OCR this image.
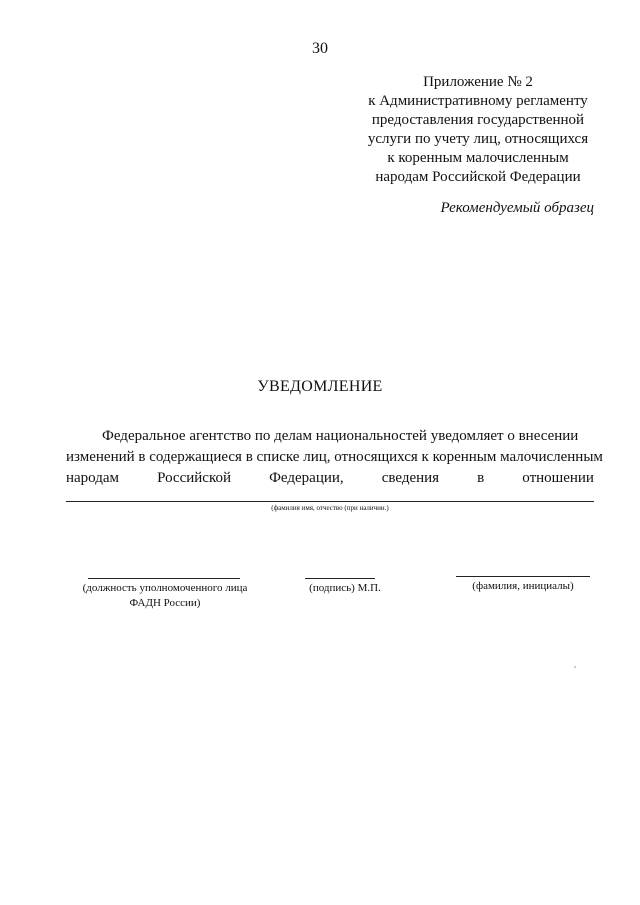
30
Приложение № 2
к Административному регламенту
предоставления государственной
услуги по учету лиц, относящихся
к коренным малочисленным
народам Российской Федерации
Рекомендуемый образец
УВЕДОМЛЕНИЕ
Федеральное агентство по делам национальностей уведомляет о внесении
изменений в содержащиеся в списке лиц, относящихся к коренным малочисленным
народам	Российской	Федерации,	сведения	в	отношении
(фамилия имя, отчество (при наличии.)
(должность уполномоченного лица
ФАДН России)
(подпись) М.П.	(фамилия, инициалы)
